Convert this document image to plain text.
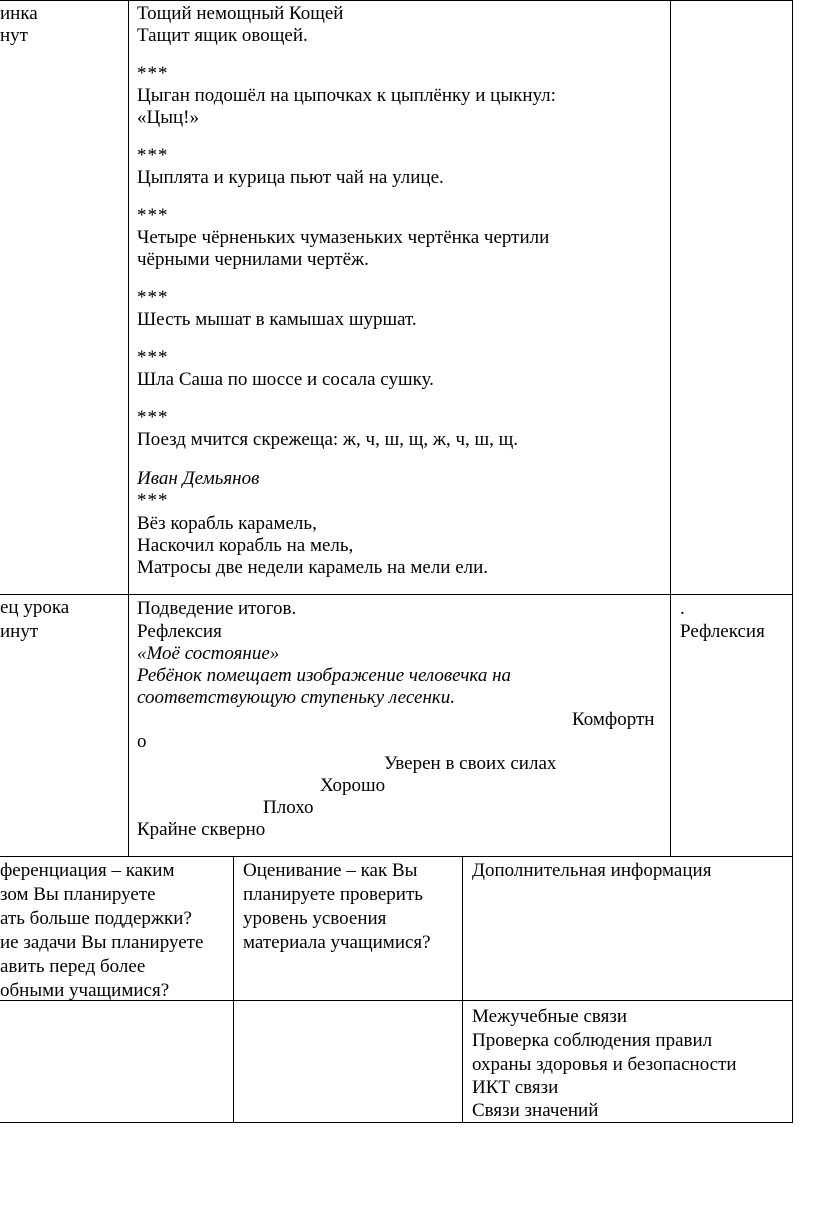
инка
нут
Тощий немощный Кощей
Тащит ящик овощей.
***
Цыган подошёл на цыпочках к цыплёнку и цыкнул:
«Цыц!»
***
Цыплята и курица пьют чай на улице.
***
Четыре чёрненьких чумазеньких чертёнка чертили
чёрными чернилами чертёж.
***
Шесть мышат в камышах шуршат.
***
Шла Саша по шоссе и сосала сушку.
***
Поезд мчится скрежеща: ж, ч, ш, щ, ж, ч, ш, щ.
Иван Демьянов
***
Вёз корабль карамель,
Наскочил корабль на мель,
Матросы две недели карамель на мели ели.
ец урока
инут
Подведение итогов.
Рефлексия
«Моё состояние»
Ребёнок помещает изображение человечка на
соответствующую ступеньку лесенки.
Комфортн
о
Уверен в своих силах
Хорошо
Плохо
Крайне скверно
.
Рефлексия
ференциация – каким
зом Вы планируете
ать больше поддержки?
ие задачи Вы планируете
авить перед более
обными учащимися?
Оценивание – как Вы
планируете проверить
уровень усвоения
материала учащимися?
Дополнительная информация
Межучебные связи
Проверка соблюдения правил
охраны здоровья и безопасности
ИКТ связи
Связи значений
